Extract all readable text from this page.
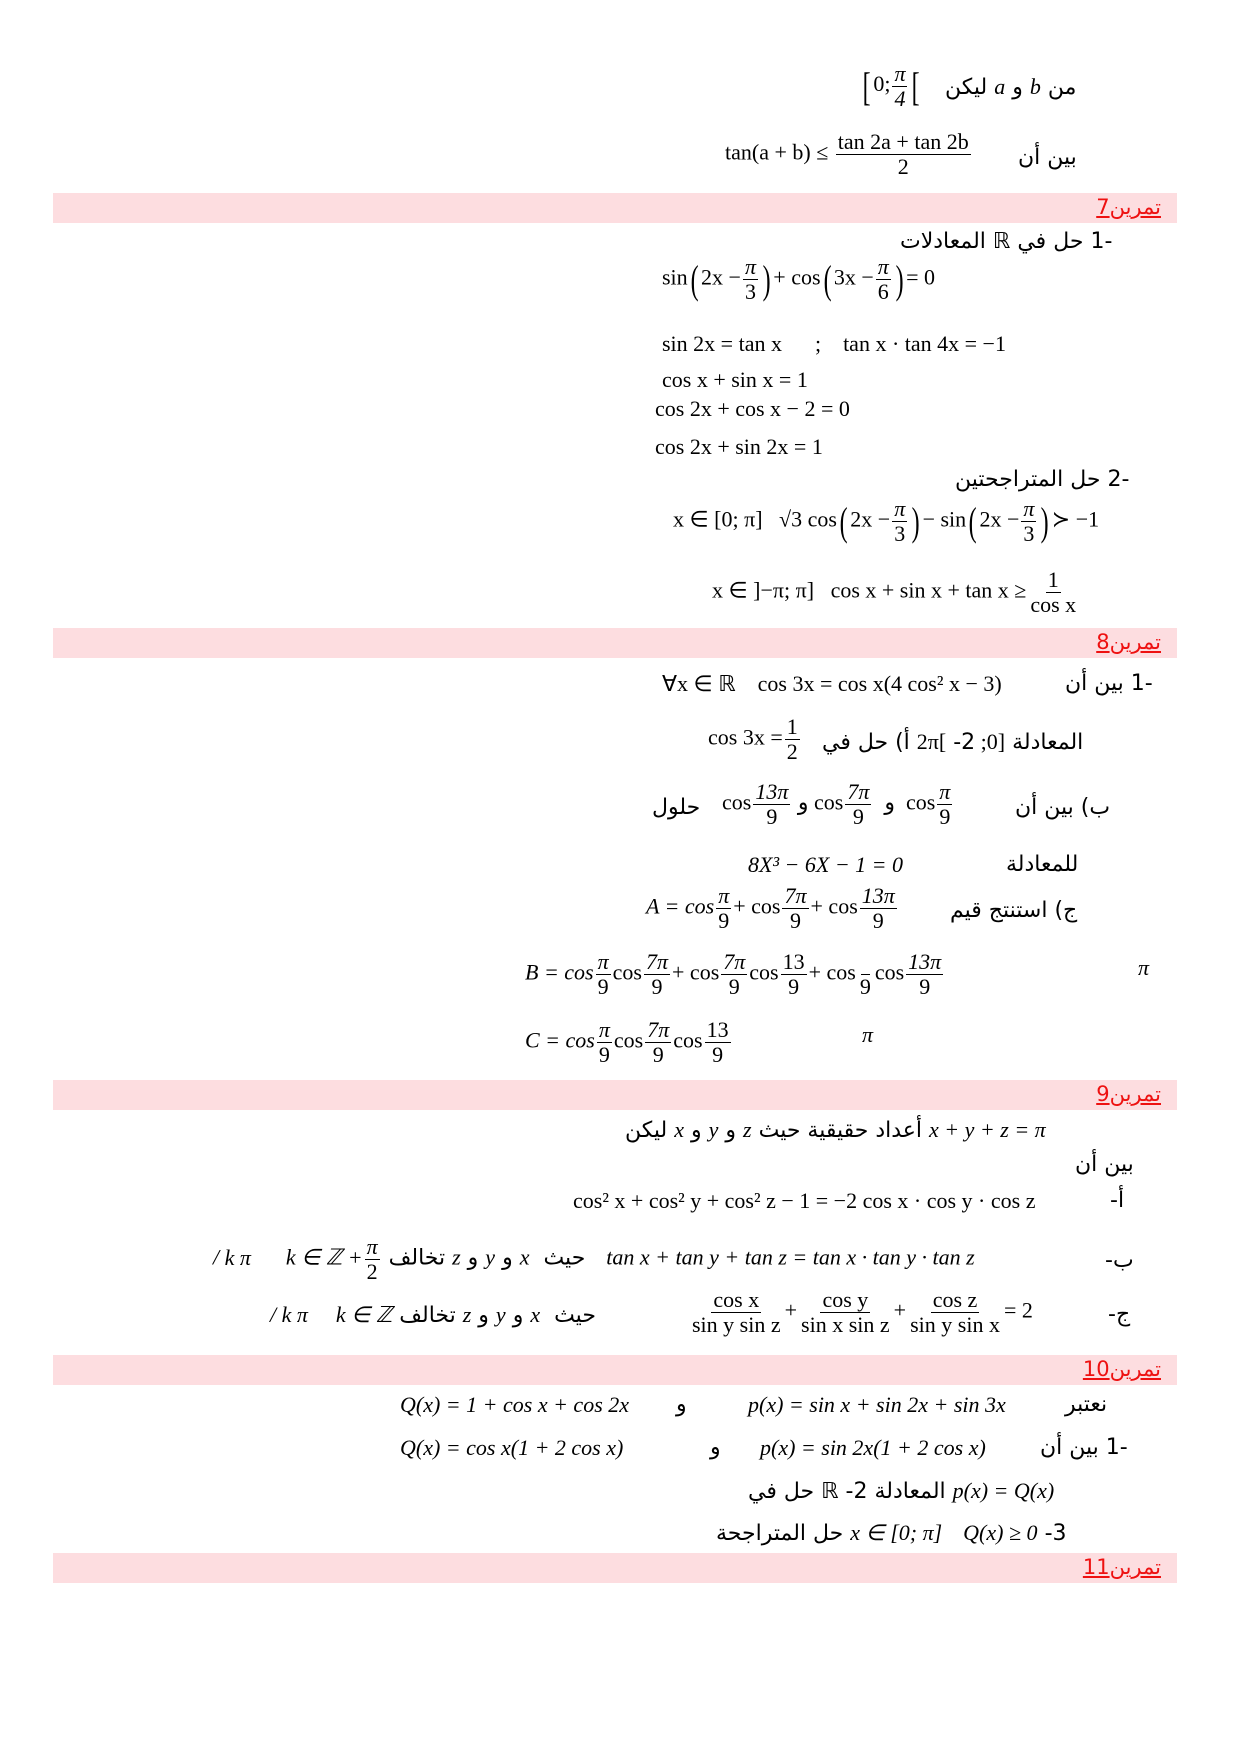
[ 0; $\frac{\pi}{4}$ [	من b و a ليكن
$\tan(a + b) \le \frac{\tan 2a + \tan 2b}{2}$ بين أن
تمرين7
-1 حل في ℝ المعادلات
sin( $2x - \frac{\pi}{3}$ ) + cos( $3x - \frac{\pi}{6}$ ) = 0
sin 2x = tan x      ;    tan x · tan 4x = −1
cos x + sin x = 1
cos 2x + cos x − 2 = 0
cos 2x + sin 2x = 1
-2 حل المتراجحتين
x ∈ [0; π] √3 cos( $2x - \frac{\pi}{3}$ ) − sin( $2x - \frac{\pi}{3}$ ) ≻ −1
x ∈ ]−π; π] $\cos x + \sin x + \tan x \ge \frac{1}{\text{cos x}}$
تمرين8
∀x ∈ ℝ    cos 3x = cos x(4 cos² x − 3)	-1 بين أن
$\cos 3x = \frac{1}{2}$	المعادلة [0; 2π[ -2 أ) حل في
حلول $\cos \frac{13\pi}{9}$ و $\cos \frac{7\pi}{9}$ و $\cos \frac{\pi}{9}$	ب) بين أن
8X³ − 6X − 1 = 0	للمعادلة
$A = \cos \frac{\pi}{9} + \cos \frac{7\pi}{9} + \cos \frac{13\pi}{9}$ ج) استنتج قيم
$B = \cos \frac{\pi}{9}$ $\cos \frac{7\pi}{9} + \cos \frac{7\pi}{9}$ $\cos \frac{13}{9} + \cos$

9
$\cos \frac{13\pi}{9}$	π
$C = \cos \frac{\pi}{9}$ $\cos \frac{7\pi}{9}$ $\cos \frac{13}{9}$	π
تمرين9
x + y + z = π أعداد حقيقية حيث z و y و x ليكن
بين أن
cos² x + cos² y + cos² z − 1 = −2 cos x · cos y · cos z	أ-
tan x + tan y + tan z = tan x · tan y · tan z   حيث  x و y و z تخالف
$\frac{\pi}{2}$
+ k π     k ∈ ℤ /	ب-
$\frac{\text{cos x}}{\text{sin y sin z}} + \frac{\text{cos y}}{\text{sin x sin z}} + \frac{\text{cos z}}{\text{sin y sin x}} = 2$
حيث  x و y و z تخالف k π    k ∈ ℤ /	ج-
تمرين10
Q(x) = 1 + cos x + cos 2x و	p(x) = sin x + sin 2x + sin 3x	نعتبر
Q(x) = cos x(1 + 2 cos x)	و p(x) = sin 2x(1 + 2 cos x) -1 بين أن
p(x) = Q(x) المعادلة ℝ -2 حل في
x ∈ [0; π] Q(x) ≥ 0 -3 حل المتراجحة
تمرين11
